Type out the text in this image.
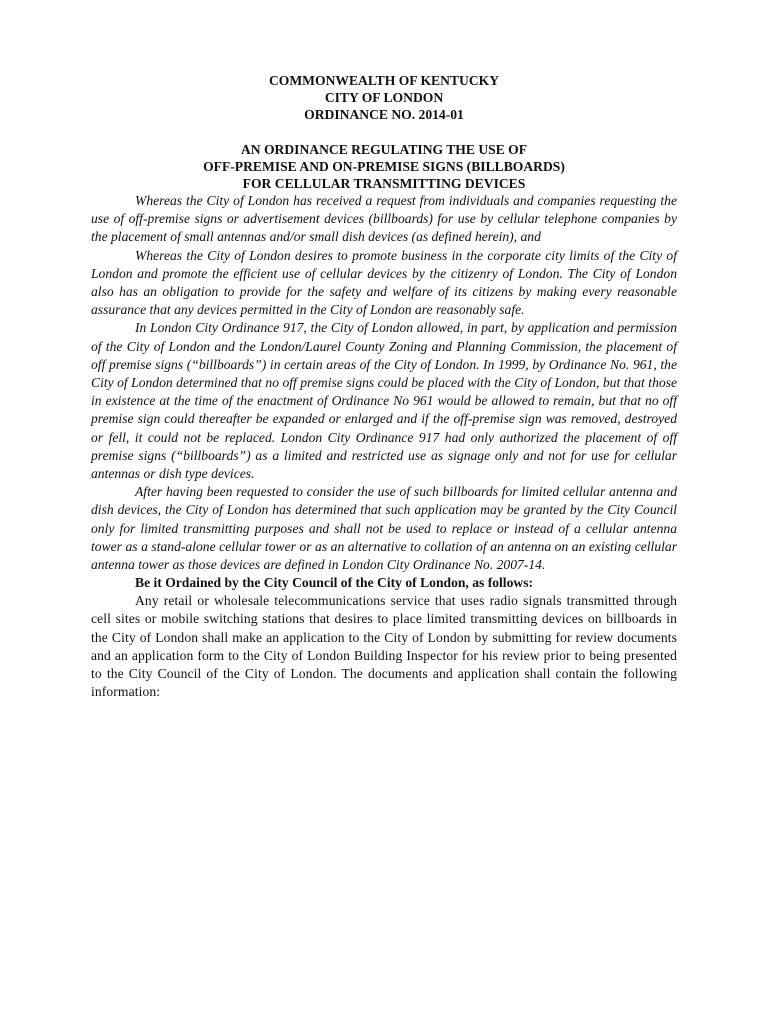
COMMONWEALTH OF KENTUCKY
CITY OF LONDON
ORDINANCE NO. 2014-01
AN ORDINANCE REGULATING THE USE OF
OFF-PREMISE AND ON-PREMISE SIGNS (BILLBOARDS)
FOR CELLULAR TRANSMITTING DEVICES

Whereas the City of London has received a request from individuals and companies requesting the use of off-premise signs or advertisement devices (billboards) for use by cellular telephone companies by the placement of small antennas and/or small dish devices (as defined herein), and

Whereas the City of London desires to promote business in the corporate city limits of the City of London and promote the efficient use of cellular devices by the citizenry of London. The City of London also has an obligation to provide for the safety and welfare of its citizens by making every reasonable assurance that any devices permitted in the City of London are reasonably safe.

In London City Ordinance 917, the City of London allowed, in part, by application and permission of the City of London and the London/Laurel County Zoning and Planning Commission, the placement of off premise signs (“billboards”) in certain areas of the City of London. In 1999, by Ordinance No. 961, the City of London determined that no off premise signs could be placed with the City of London, but that those in existence at the time of the enactment of Ordinance No 961 would be allowed to remain, but that no off premise sign could thereafter be expanded or enlarged and if the off-premise sign was removed, destroyed or fell, it could not be replaced. London City Ordinance 917 had only authorized the placement of off premise signs (“billboards”) as a limited and restricted use as signage only and not for use for cellular antennas or dish type devices.

After having been requested to consider the use of such billboards for limited cellular antenna and dish devices, the City of London has determined that such application may be granted by the City Council only for limited transmitting purposes and shall not be used to replace or instead of a cellular antenna tower as a stand-alone cellular tower or as an alternative to collation of an antenna on an existing cellular antenna tower as those devices are defined in London City Ordinance No. 2007-14.

Be it Ordained by the City Council of the City of London, as follows:

Any retail or wholesale telecommunications service that uses radio signals transmitted through cell sites or mobile switching stations that desires to place limited transmitting devices on billboards in the City of London shall make an application to the City of London by submitting for review documents and an application form to the City of London Building Inspector for his review prior to being presented to the City Council of the City of London. The documents and application shall contain the following information:
